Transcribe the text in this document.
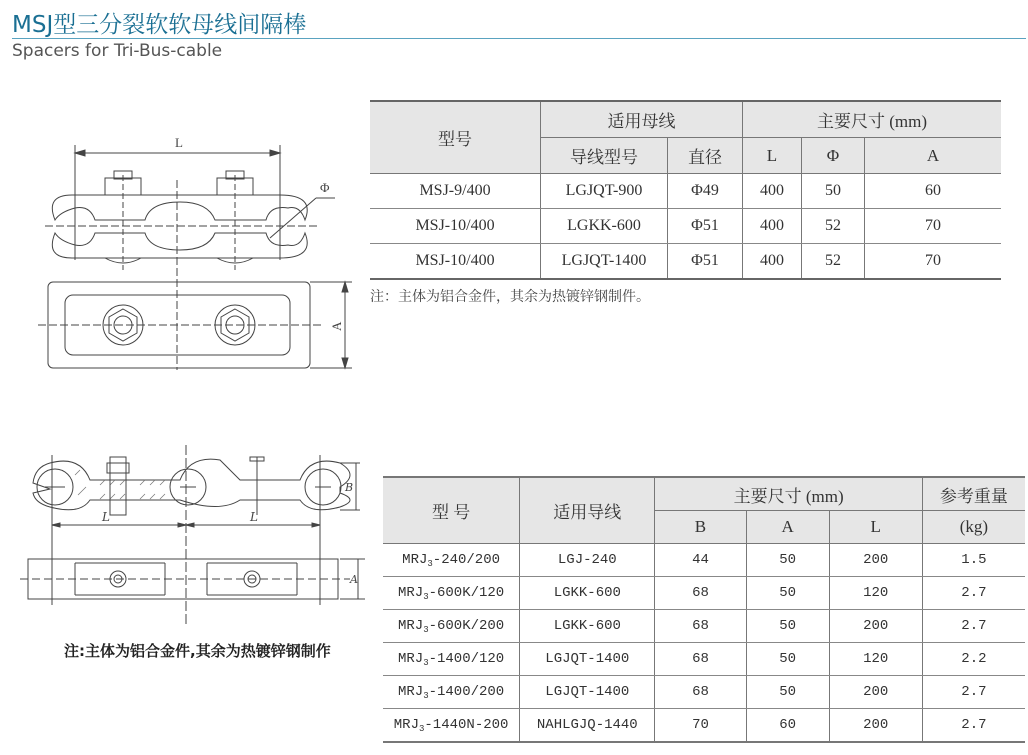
MSJ型三分裂软软母线间隔棒
Spacers for Tri-Bus-cable
L
Φ
A
型号	适用母线		主要尺寸 (mm)		
	导线型号	直径	L	Φ	A
MSJ-9/400	LGJQT-900	Φ49	400	50	60
MSJ-10/400	LGKK-600	Φ51	400	52	70
MSJ-10/400	LGJQT-1400	Φ51	400	52	70
注：主体为铝合金件，其余为热镀锌钢制件。
L	L
B
A
注:主体为铝合金件,其余为热镀锌钢制作
型 号	适用导线	主要尺寸 (mm)			参考重量
		B	A	L	(kg)
$MRJ_3-240/200$	LGJ-240	44	50	200	1.5
$MRJ_3-600K/120$	LGKK-600	68	50	120	2.7
$MRJ_3-600K/200$	LGKK-600	68	50	200	2.7
$MRJ_3-1400/120$	LGJQT-1400	68	50	120	2.2
$MRJ_3-1400/200$	LGJQT-1400	68	50	200	2.7
$MRJ_3-1440N-200$	NAHLGJQ-1440	70	60	200	2.7
